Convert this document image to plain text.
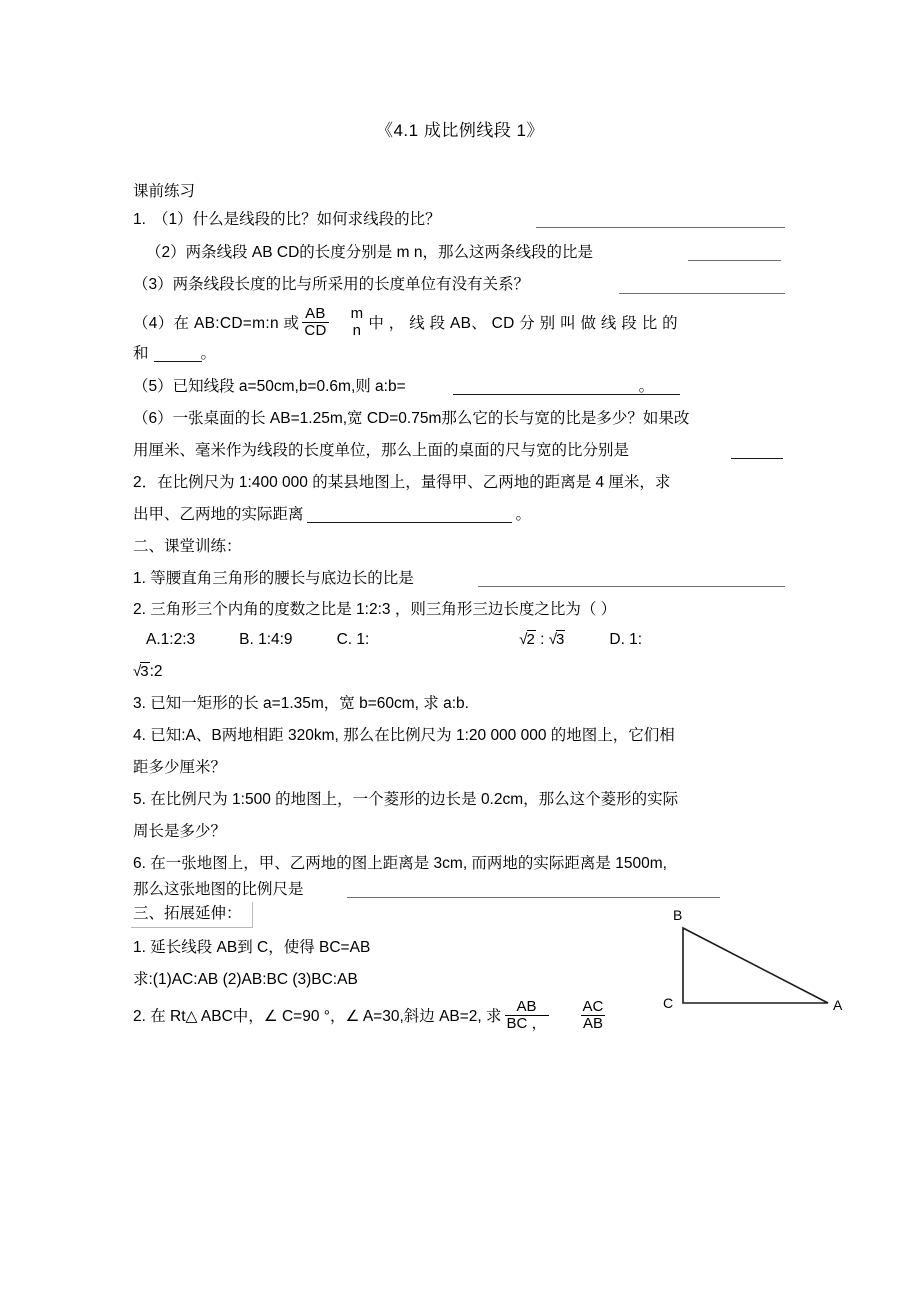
《4.1 成比例线段 1》
课前练习
1. （1）什么是线段的比？如何求线段的比？
（2）两条线段 AB CD的长度分别是 m n，那么这两条线段的比是
（3）两条线段长度的比与所采用的长度单位有没有关系？
（4）在 AB:CD=m:n 或 $\frac{AB}{CD}$ m
n 中 ， 线 段 AB、 CD 分 别 叫 做 线 段 比 的
和	。
（5）已知线段 a=50cm,b=0.6m,则 a:b=	。
（6）一张桌面的长 AB=1.25m,宽 CD=0.75m那么它的长与宽的比是多少？如果改
用厘米、毫米作为线段的长度单位，那么上面的桌面的尺与宽的比分别是
2．在比例尺为 1:400 000 的某县地图上，量得甲、乙两地的距离是 4 厘米，求
出甲、乙两地的实际距离	。
二、课堂训练：
1. 等腰直角三角形的腰长与底边长的比是
2. 三角形三个内角的度数之比是 1:2:3 ，则三角形三边长度之比为（ ）
A.1:2:3	B. 1:4:9	C. 1:	√2 : √3	D. 1:
√3:2
3. 已知一矩形的长 a=1.35m，宽 b=60cm, 求 a:b.
4. 已知:A、B两地相距 320km, 那么在比例尺为 1:20 000 000 的地图上，它们相
距多少厘米？
5. 在比例尺为 1:500 的地图上，一个菱形的边长是 0.2cm，那么这个菱形的实际
周长是多少？
6. 在一张地图上，甲、乙两地的图上距离是 3cm, 而两地的实际距离是 1500m,
那么这张地图的比例尺是
三、拓展延伸：
1. 延长线段 AB到 C，使得 BC=AB
求:(1)AC:AB (2)AB:BC (3)BC:AB
2. 在 Rt△ ABC中，∠ C=90 °，∠ A=30,斜边 AB=2, 求 $\frac{AB}{BC ,} \frac{AC}{AB}$
B
C	A
